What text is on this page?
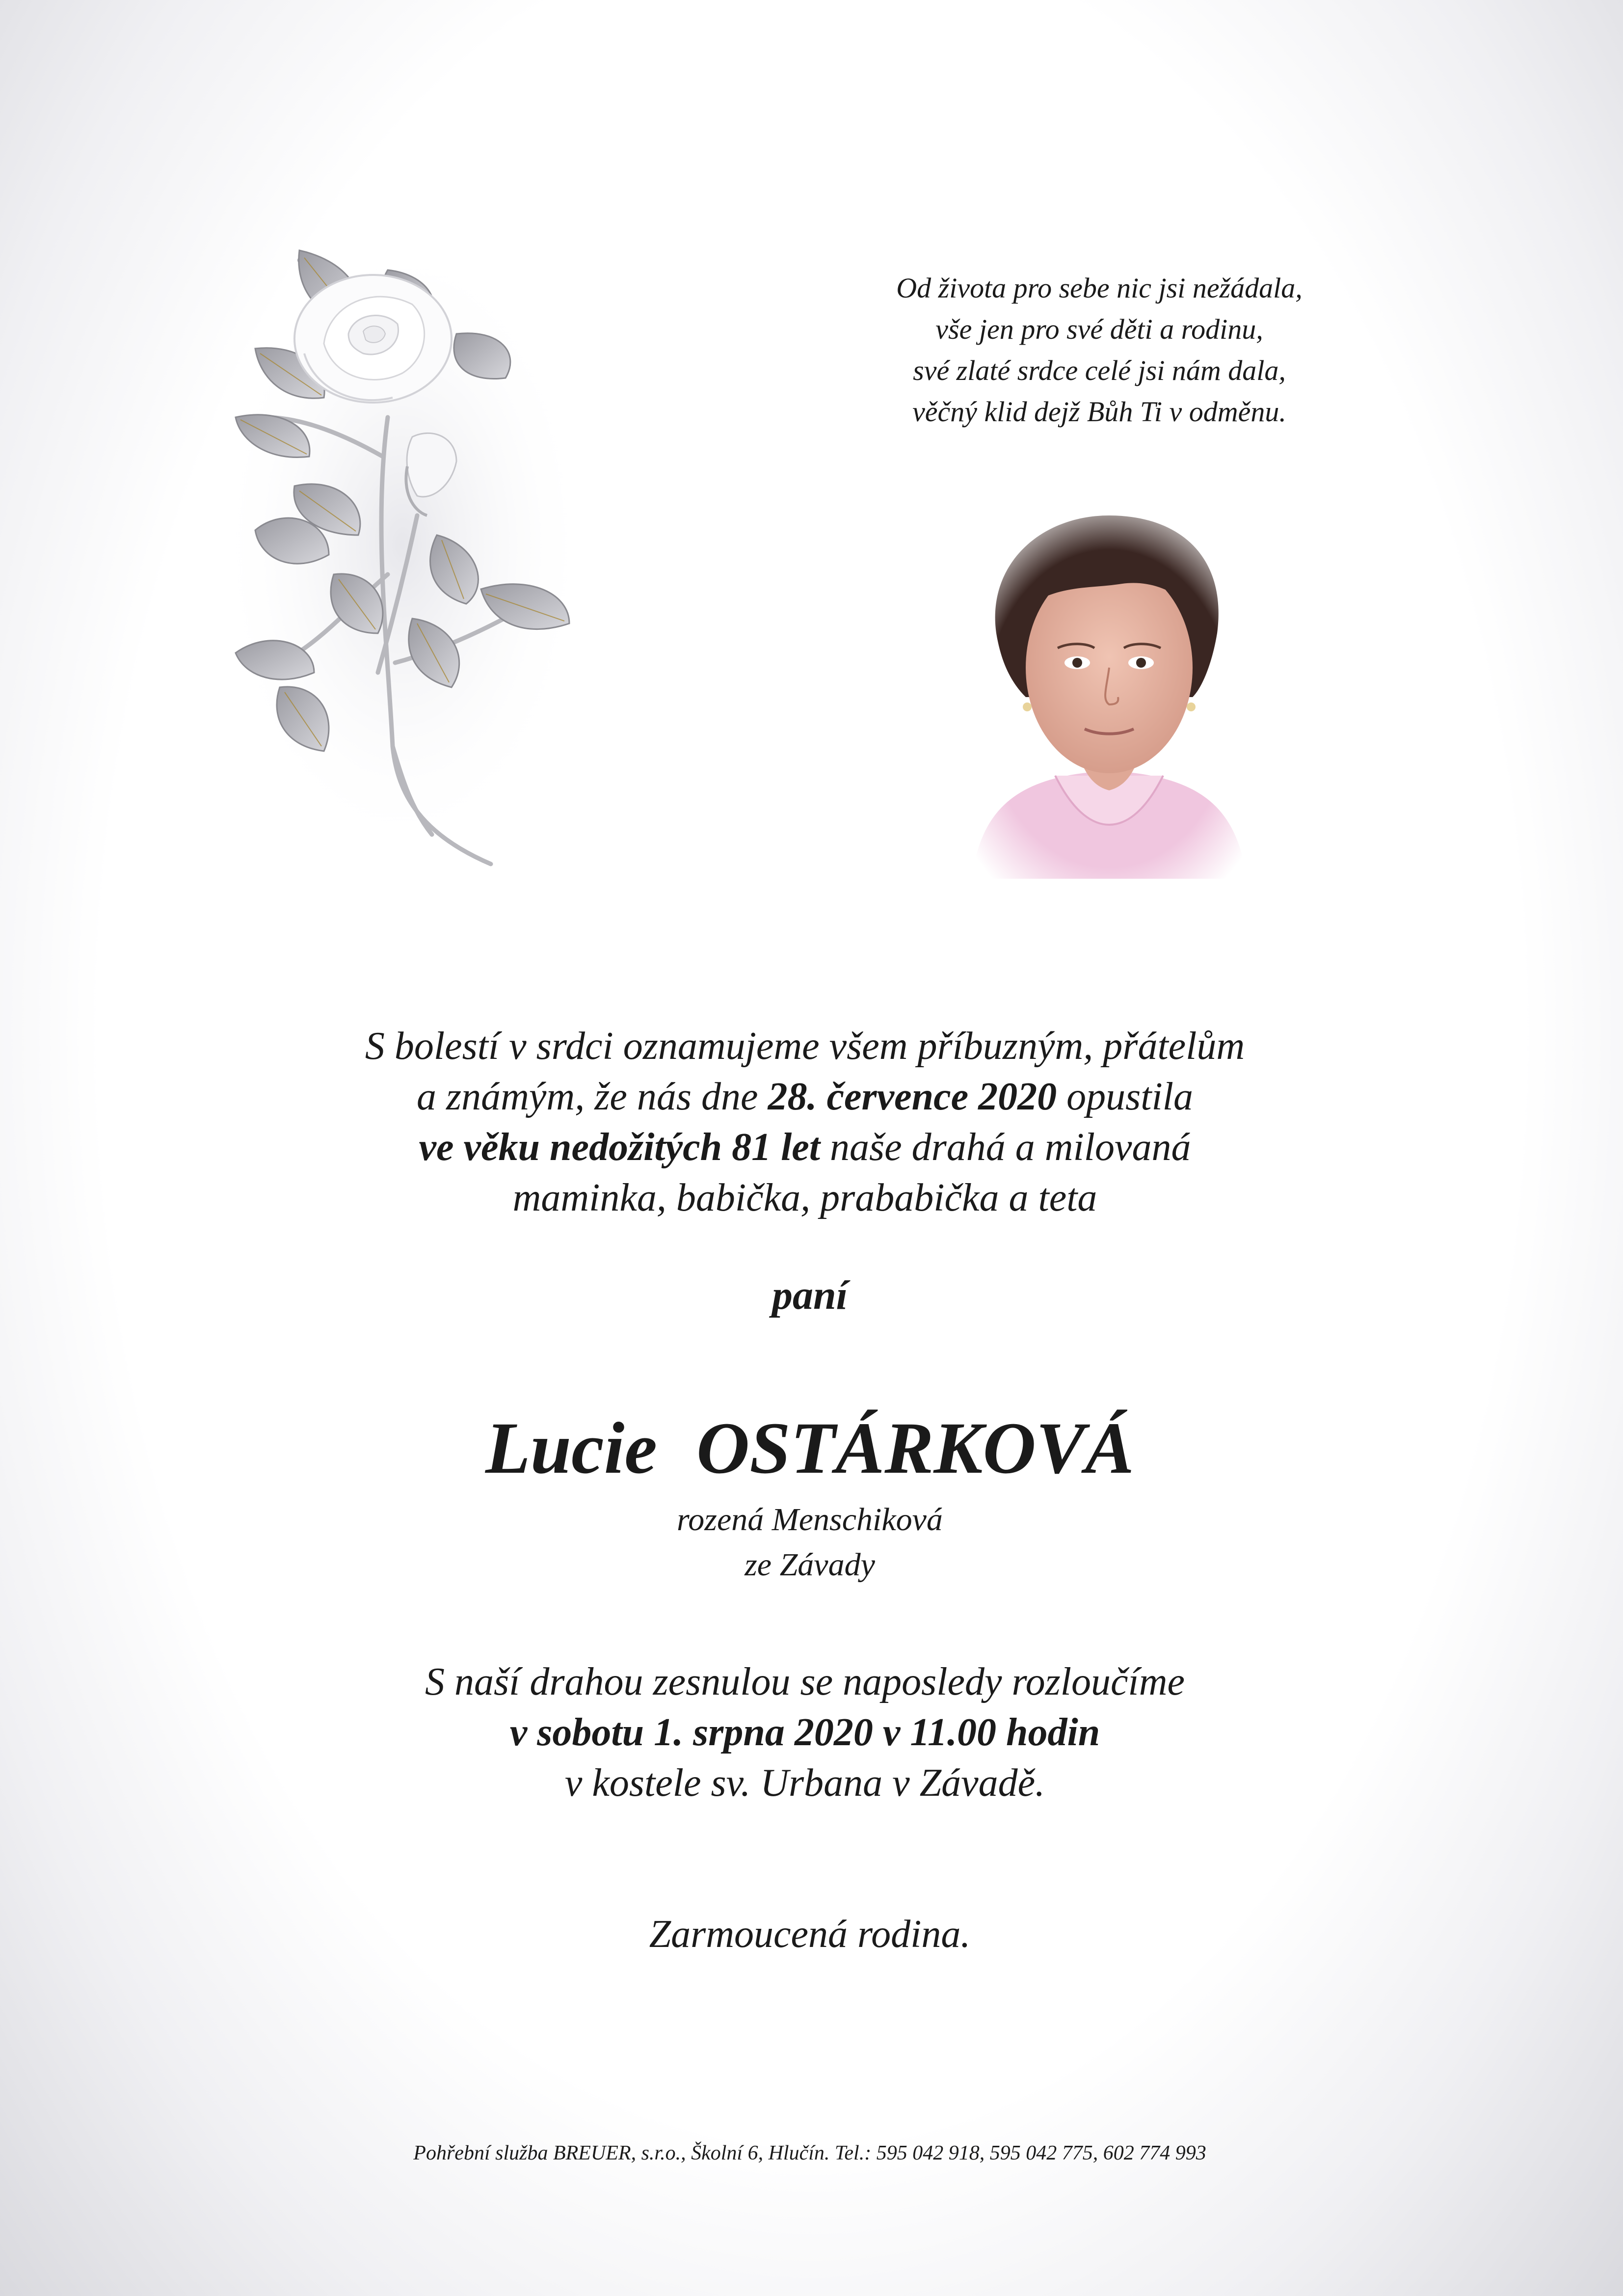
Od života pro sebe nic jsi nežádala,
vše jen pro své děti a rodinu,
své zlaté srdce celé jsi nám dala,
věčný klid dejž Bůh Ti v odměnu.
S bolestí v srdci oznamujeme všem příbuzným, přátelům
a známým, že nás dne 28. července 2020 opustila
ve věku nedožitých 81 let naše drahá a milovaná
maminka, babička, prababička a teta
paní
Lucie OSTÁRKOVÁ
rozená Menschiková
ze Závady
S naší drahou zesnulou se naposledy rozloučíme
v sobotu 1. srpna 2020 v 11.00 hodin
v kostele sv. Urbana v Závadě.
Zarmoucená rodina.
Pohřební služba BREUER, s.r.o., Školní 6, Hlučín. Tel.: 595 042 918, 595 042 775, 602 774 993
